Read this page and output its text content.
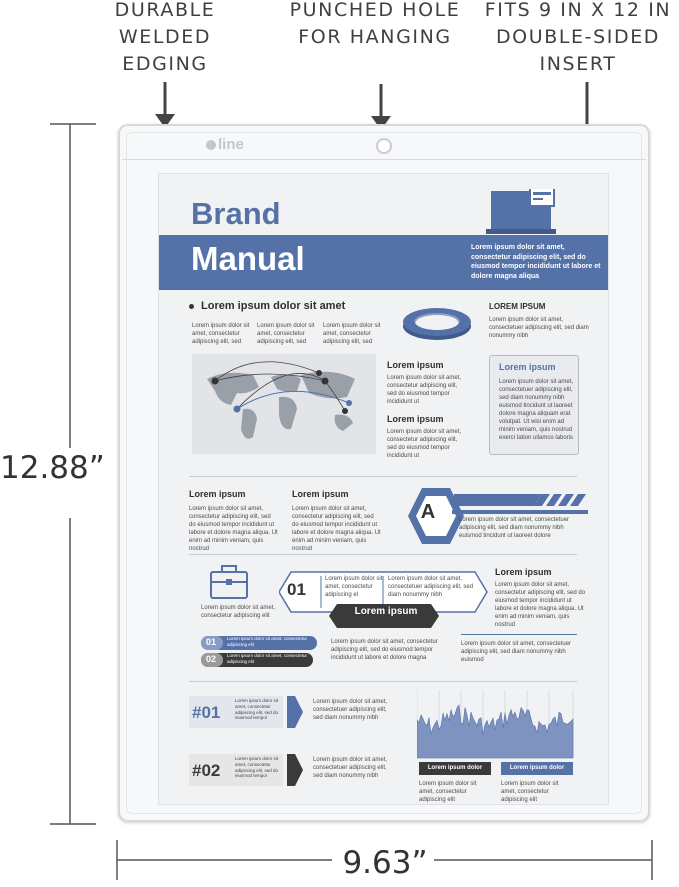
DURABLE
WELDED
EDGING
PUNCHED HOLE
FOR HANGING
FITS 9 IN X 12 IN
DOUBLE-SIDED
INSERT
12.88”
9.63”
line
Brand
Manual	Lorem ipsum dolor sit amet, consectetur adipiscing elit, sed do eiusmod tempor incididunt ut labore et dolore magna aliqua
Lorem ipsum dolor sit amet
Lorem ipsum dolor sit amet, consectetur adipiscing elit, sed
Lorem ipsum dolor sit amet, consectetur adipiscing elit, sed
Lorem ipsum dolor sit amet, consectetur adipiscing elit, sed
LOREM IPSUM
Lorem ipsum dolor sit amet, consectetuer adipiscing elit, sed diam nonummy nibh
Lorem ipsum
Lorem ipsum dolor sit amet, consectetur adipiscing elit, sed do eiusmod tempor incididunt ut
Lorem ipsum
Lorem ipsum dolor sit amet, consectetur adipiscing elit, sed do eiusmod tempor incididunt ut
Lorem ipsum
Lorem ipsum dolor sit amet, consectetuer adipiscing elit, sed diam nonummy nibh euismod tincidunt ut laoreet dolore magna aliquam erat volutpat. Ut wisi enim ad minim veniam, quis nostrud exerci tation ullamco laboris
Lorem ipsum
Lorem ipsum dolor sit amet, consectetur adipiscing elit, sed do eiusmod tempor incididunt ut labore et dolore magna aliqua. Ut enim ad minim veniam, quis nostrud
Lorem ipsum
Lorem ipsum dolor sit amet, consectetur adipiscing elit, sed do eiusmod tempor incididunt ut labore et dolore magna aliqua. Ut enim ad minim veniam, quis nostrud
A	Lorem ipsum dolor sit amet, consectetuer adipiscing elit, sed diam nonummy nibh euismod tincidunt ut laoreet dolore
Lorem ipsum dolor sit amet, consectetur adipiscing elit
01
Lorem ipsum dolor sit amet, consectetur adipiscing el
Lorem ipsum dolor sit amet, consectetuer adipiscing elit, sed diam nonummy nibh
Lorem ipsum
Lorem ipsum
Lorem ipsum dolor sit amet, consectetur adipiscing elit, sed do eiusmod tempor incididunt ut labore et dolore magna aliqua. Ut enim ad minim veniam, quis nostrud
01 Lorem ipsum dolor sit amet, consectetur adipiscing elit
02 Lorem ipsum dolor sit amet, consectetur adipiscing elit
Lorem ipsum dolor sit amet, consectetur adipiscing elit, sed do eiusmod tempor incididunt ut labore et dolore magna
Lorem ipsum dolor sit amet, consectetuer adipiscing elit, sed diam nonummy nibh euismod
#01
Lorem ipsum dolor sit amet, consectetur adipiscing elit, sed do eiusmod tempor
Lorem ipsum dolor sit amet, consectetuer adipiscing elit, sed diam nonummy nibh
#02
Lorem ipsum dolor sit amet, consectetur adipiscing elit, sed do eiusmod tempor
Lorem ipsum dolor sit amet, consectetuer adipiscing elit, sed diam nonummy nibh
Lorem ipsum dolor	Lorem ipsum dolor
Lorem ipsum dolor sit amet, consectetur adipiscing elit
Lorem ipsum dolor sit amet, consectetur adipiscing elit
